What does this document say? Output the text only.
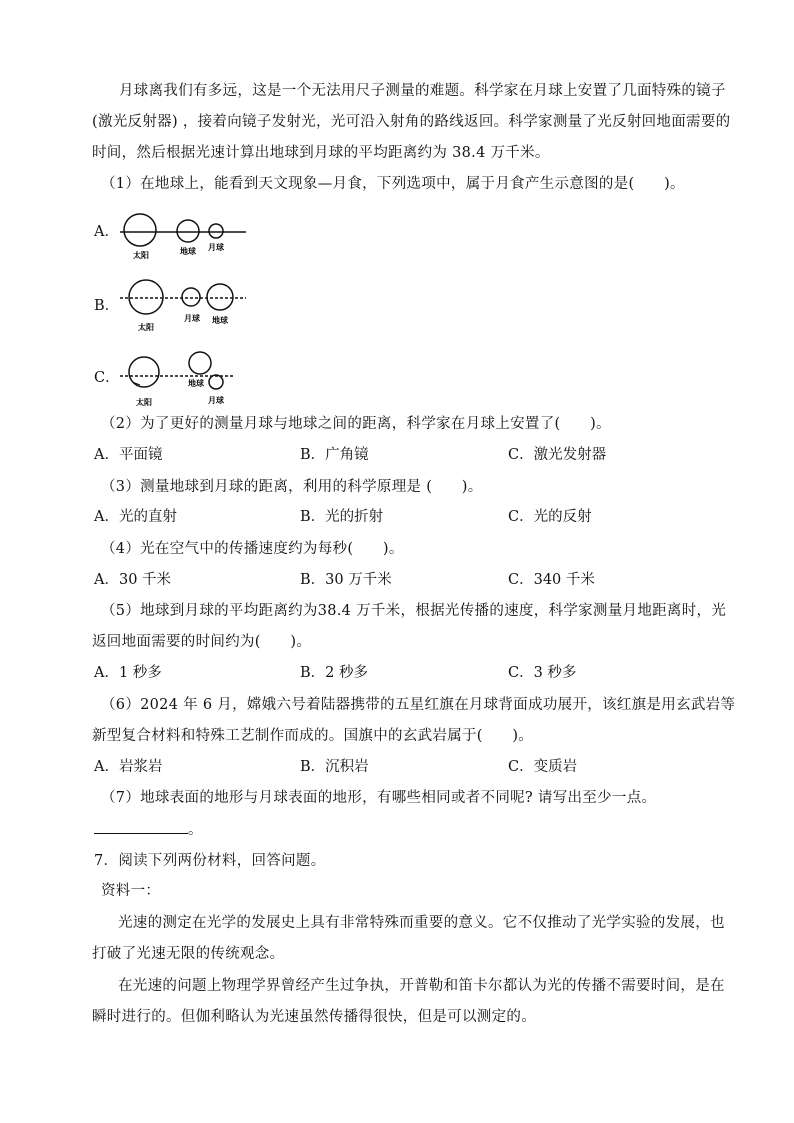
月球离我们有多远，这是一个无法用尺子测量的难题。科学家在月球上安置了几面特殊的镜子
(激光反射器) ，接着向镜子发射光，光可沿入射角的路线返回。科学家测量了光反射回地面需要的
时间，然后根据光速计算出地球到月球的平均距离约为 38.4 万千米。
（1）在地球上，能看到天文现象—月食，下列选项中，属于月食产生示意图的是(　　)。
A．
太阳	地球 月球
B．
太阳
月球 地球
C．
太阳
地球
月球
（2）为了更好的测量月球与地球之间的距离，科学家在月球上安置了(　　)。
A．平面镜	B．广角镜	C．激光发射器
（3）测量地球到月球的距离，利用的科学原理是 (　　)。
A．光的直射	B．光的折射	C．光的反射
（4）光在空气中的传播速度约为每秒(　　)。
A．30 千米	B．30 万千米	C．340 千米
（5）地球到月球的平均距离约为38.4 万千米，根据光传播的速度，科学家测量月地距离时，光
返回地面需要的时间约为(　　)。
A．1 秒多	B．2 秒多	C．3 秒多
（6）2024 年 6 月，嫦娥六号着陆器携带的五星红旗在月球背面成功展开，该红旗是用玄武岩等
新型复合材料和特殊工艺制作而成的。国旗中的玄武岩属于(　　)。
A．岩浆岩	B．沉积岩	C．变质岩
（7）地球表面的地形与月球表面的地形，有哪些相同或者不同呢? 请写出至少一点。
。
7．阅读下列两份材料，回答问题。
资料一：
光速的测定在光学的发展史上具有非常特殊而重要的意义。它不仅推动了光学实验的发展，也
打破了光速无限的传统观念。
在光速的问题上物理学界曾经产生过争执，开普勒和笛卡尔都认为光的传播不需要时间，是在
瞬时进行的。但伽利略认为光速虽然传播得很快，但是可以测定的。
